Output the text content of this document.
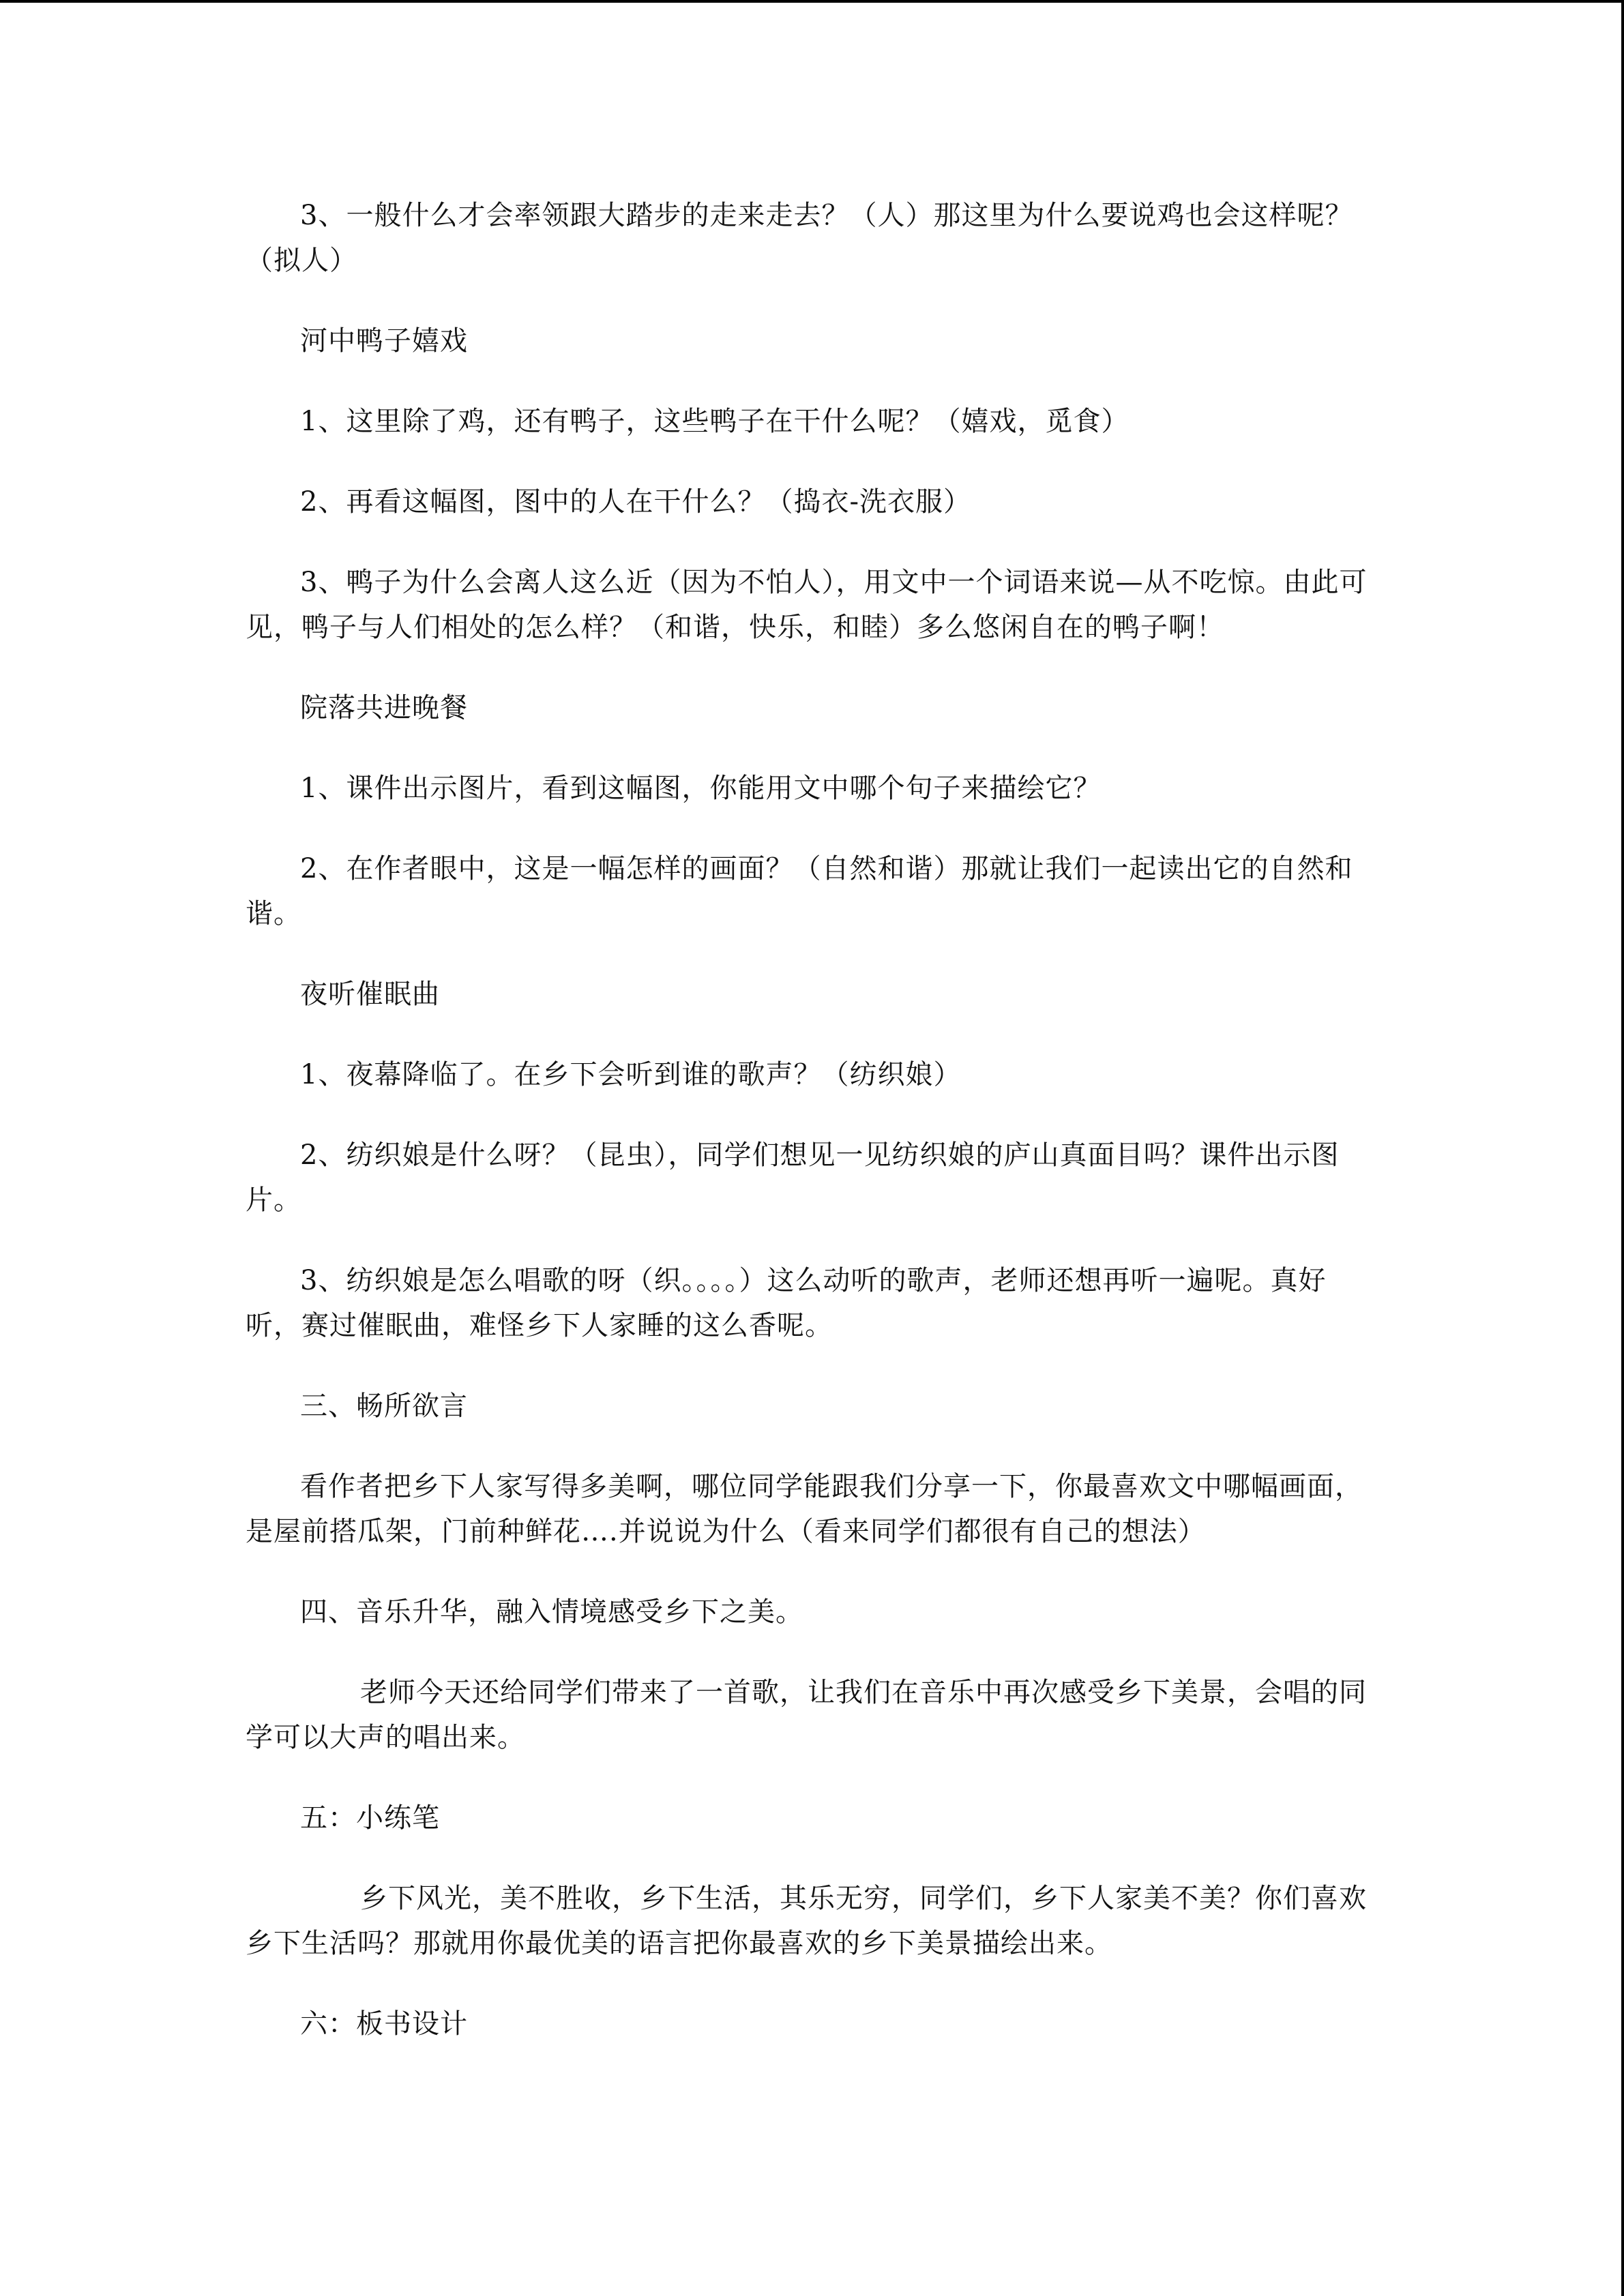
3、一般什么才会率领跟大踏步的走来走去？（人）那这里为什么要说鸡也会这样呢？（拟人）

河中鸭子嬉戏

1、这里除了鸡，还有鸭子，这些鸭子在干什么呢？（嬉戏，觅食）

2、再看这幅图，图中的人在干什么？（捣衣-洗衣服）

3、鸭子为什么会离人这么近（因为不怕人），用文中一个词语来说—从不吃惊。由此可见，鸭子与人们相处的怎么样？（和谐，快乐，和睦）多么悠闲自在的鸭子啊！

院落共进晚餐

1、课件出示图片，看到这幅图，你能用文中哪个句子来描绘它？

2、在作者眼中，这是一幅怎样的画面？（自然和谐）那就让我们一起读出它的自然和谐。

夜听催眠曲

1、夜幕降临了。在乡下会听到谁的歌声？（纺织娘）

2、纺织娘是什么呀？（昆虫），同学们想见一见纺织娘的庐山真面目吗？课件出示图片。

3、纺织娘是怎么唱歌的呀（织。。。。）这么动听的歌声，老师还想再听一遍呢。真好听，赛过催眠曲，难怪乡下人家睡的这么香呢。

三、畅所欲言

看作者把乡下人家写得多美啊，哪位同学能跟我们分享一下，你最喜欢文中哪幅画面，是屋前搭瓜架，门前种鲜花….并说说为什么（看来同学们都很有自己的想法）

四、音乐升华，融入情境感受乡下之美。

老师今天还给同学们带来了一首歌，让我们在音乐中再次感受乡下美景，会唱的同学可以大声的唱出来。

五：小练笔

乡下风光，美不胜收，乡下生活，其乐无穷，同学们，乡下人家美不美？你们喜欢乡下生活吗？那就用你最优美的语言把你最喜欢的乡下美景描绘出来。

六：板书设计
